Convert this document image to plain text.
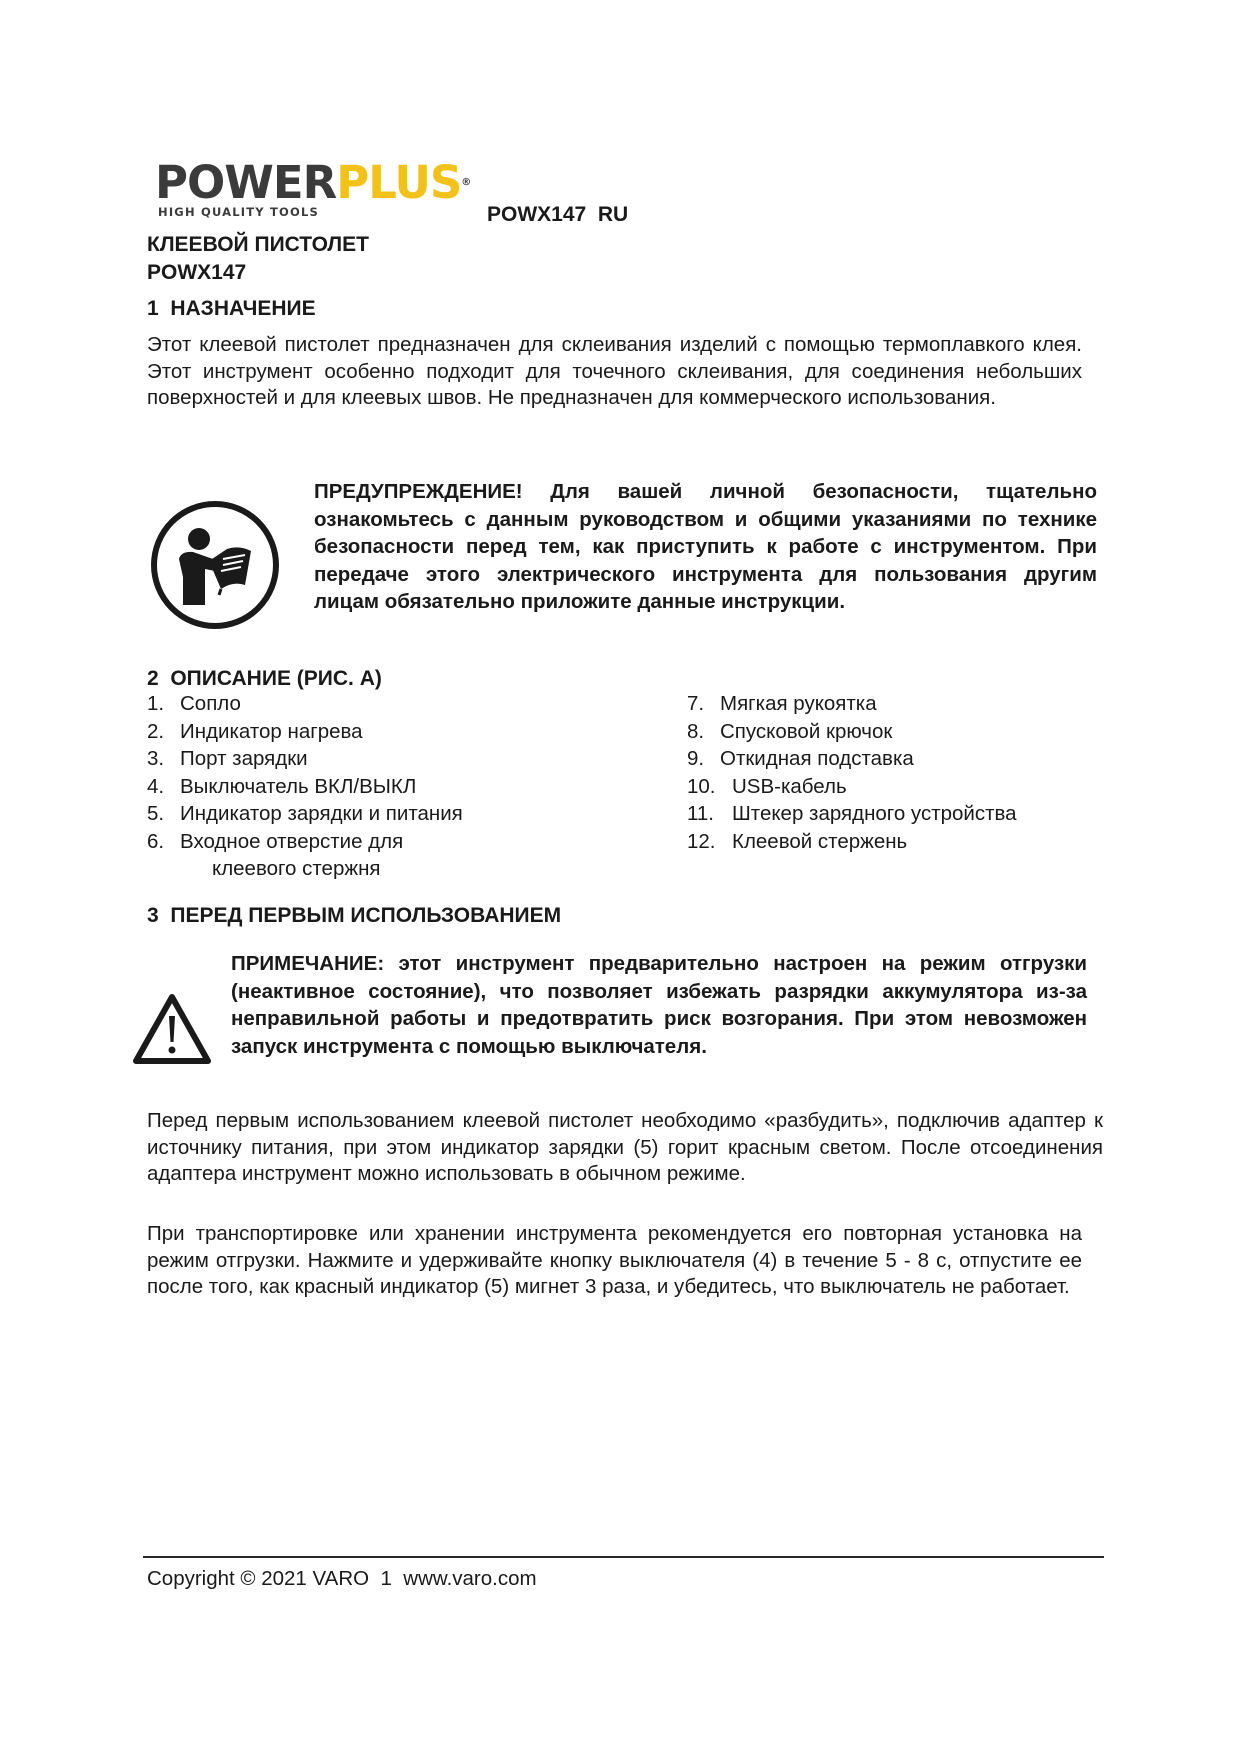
POWERPLUS®
HIGH QUALITY TOOLS	POWX147  RU
КЛЕЕВОЙ ПИСТОЛЕТ
POWX147
1  НАЗНАЧЕНИЕ
Этот клеевой пистолет предназначен для склеивания изделий с помощью термоплавкого клея. Этот инструмент особенно подходит для точечного склеивания, для соединения небольших поверхностей и для клеевых швов. Не предназначен для коммерческого использования.
ПРЕДУПРЕЖДЕНИЕ! Для вашей личной безопасности, тщательно ознакомьтесь с данным руководством и общими указаниями по технике безопасности перед тем, как приступить к работе с инструментом. При передаче этого электрического инструмента для пользования другим лицам обязательно приложите данные инструкции.
2  ОПИСАНИЕ (РИС. А)
1. Сопло
2. Индикатор нагрева
3. Порт зарядки
4. Выключатель ВКЛ/ВЫКЛ
5. Индикатор зарядки и питания
6. Входное отверстие для
клеевого стержня
7. Мягкая рукоятка
8. Спусковой крючок
9. Откидная подставка
10. USB-кабель
11. Штекер зарядного устройства
12. Клеевой стержень
3  ПЕРЕД ПЕРВЫМ ИСПОЛЬЗОВАНИЕМ
ПРИМЕЧАНИЕ: этот инструмент предварительно настроен на режим отгрузки (неактивное состояние), что позволяет избежать разрядки аккумулятора из-за неправильной работы и предотвратить риск возгорания. При этом невозможен запуск инструмента с помощью выключателя.
Перед первым использованием клеевой пистолет необходимо «разбудить», подключив адаптер к источнику питания, при этом индикатор зарядки (5) горит красным светом. После отсоединения адаптера инструмент можно использовать в обычном режиме.
При транспортировке или хранении инструмента рекомендуется его повторная установка на режим отгрузки. Нажмите и удерживайте кнопку выключателя (4) в течение 5 - 8 с, отпустите ее после того, как красный индикатор (5) мигнет 3 раза, и убедитесь, что выключатель не работает.
Copyright © 2021 VARO  1  www.varo.com
